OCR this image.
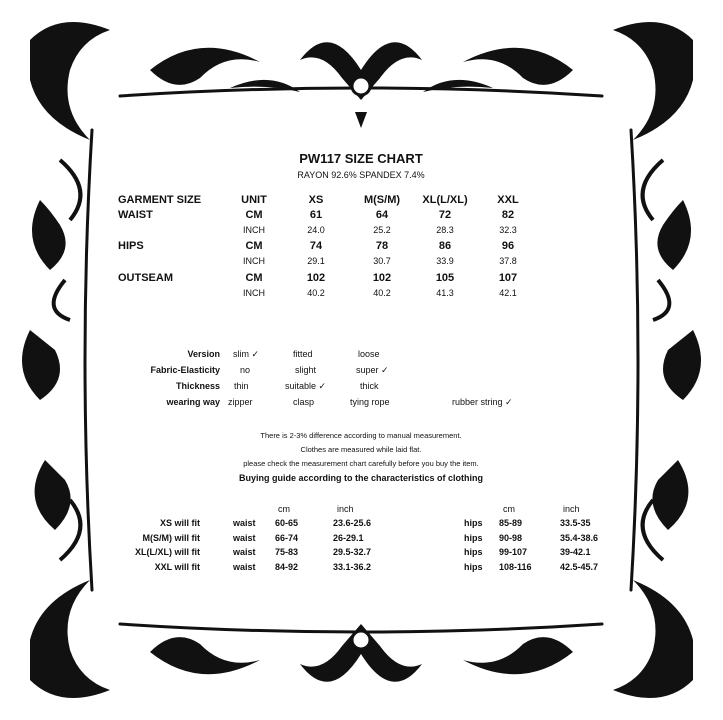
PW117 SIZE CHART
RAYON 92.6% SPANDEX 7.4%
GARMENT SIZE	UNIT	XS	M(S/M)	XL(L/XL)	XXL
WAIST	CM	61	64	72	82
INCH	24.0	25.2	28.3	32.3
HIPS	CM	74	78	86	96
INCH	29.1	30.7	33.9	37.8
OUTSEAM	CM	102	102	105	107
INCH	40.2	40.2	41.3	42.1
Version slim ✓	fitted	loose
Fabric-Elasticity no	slight	super ✓
Thickness thin	suitable ✓	thick
wearing way zipper	clasp	tying rope	rubber string ✓
There is 2-3% difference according to manual measurement.
Clothes are measured while laid flat.
please check the measurement chart carefully before you buy the item.
Buying guide according to the characteristics of clothing
cm	inch	cm	inch
XS will fit	waist 60-65	23.6-25.6	hips 85-89	33.5-35
M(S/M) will fit	waist 66-74	26-29.1	hips 90-98	35.4-38.6
XL(L/XL) will fit	waist 75-83	29.5-32.7	hips 99-107	39-42.1
XXL will fit	waist 84-92	33.1-36.2	hips 108-116	42.5-45.7
